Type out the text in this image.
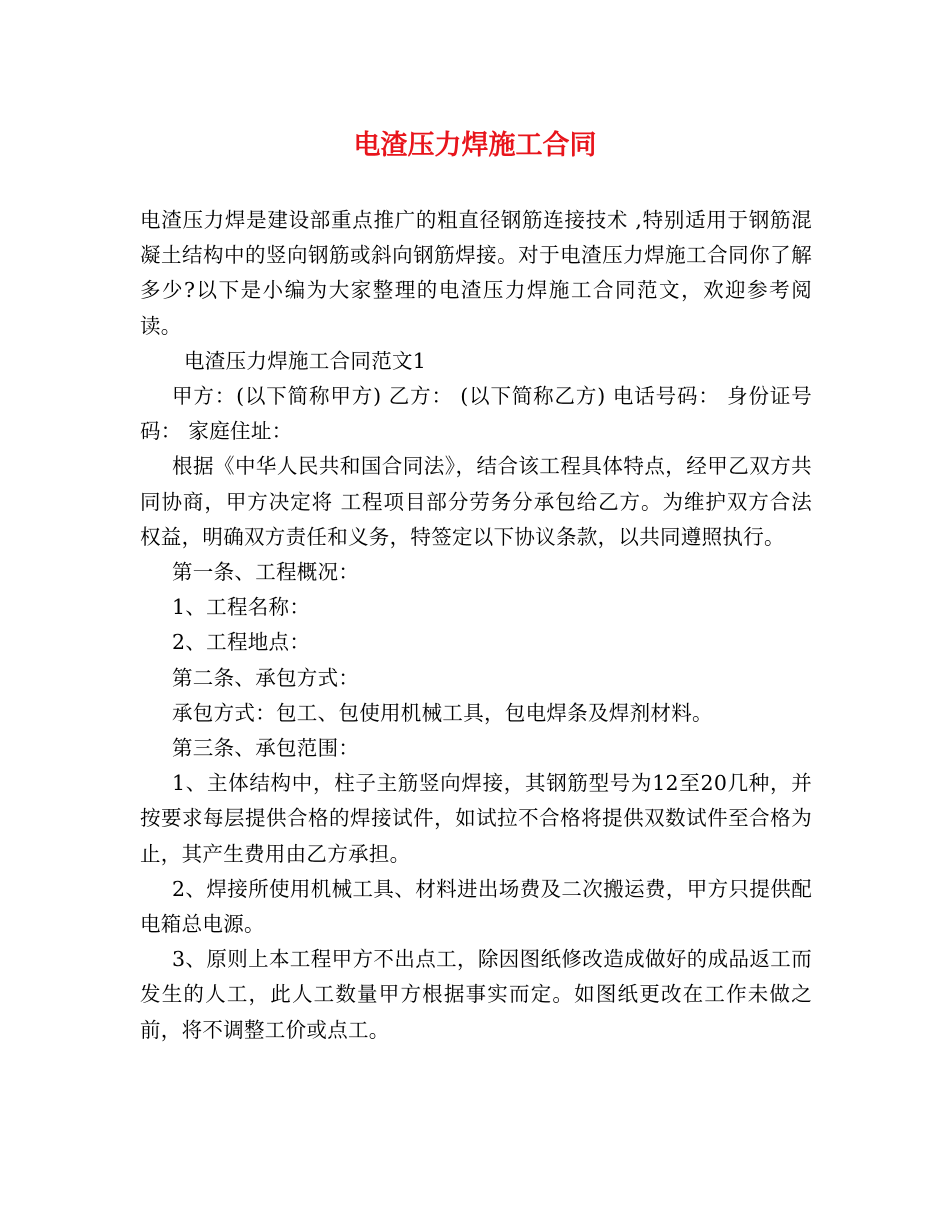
电渣压力焊施工合同

电渣压力焊是建设部重点推广的粗直径钢筋连接技术 ,特别适用于钢筋混凝土结构中的竖向钢筋或斜向钢筋焊接。对于电渣压力焊施工合同你了解多少?以下是小编为大家整理的电渣压力焊施工合同范文，欢迎参考阅读。

电渣压力焊施工合同范文1

甲方：(以下简称甲方) 乙方： (以下简称乙方) 电话号码： 身份证号码： 家庭住址：

根据《中华人民共和国合同法》，结合该工程具体特点，经甲乙双方共同协商，甲方决定将 工程项目部分劳务分承包给乙方。为维护双方合法权益，明确双方责任和义务，特签定以下协议条款，以共同遵照执行。

第一条、工程概况：

1、工程名称：

2、工程地点：

第二条、承包方式：

承包方式：包工、包使用机械工具，包电焊条及焊剂材料。

第三条、承包范围：

1、主体结构中，柱子主筋竖向焊接，其钢筋型号为12至20几种，并按要求每层提供合格的焊接试件，如试拉不合格将提供双数试件至合格为止，其产生费用由乙方承担。

2、焊接所使用机械工具、材料进出场费及二次搬运费，甲方只提供配电箱总电源。

3、原则上本工程甲方不出点工，除因图纸修改造成做好的成品返工而发生的人工，此人工数量甲方根据事实而定。如图纸更改在工作未做之前，将不调整工价或点工。
